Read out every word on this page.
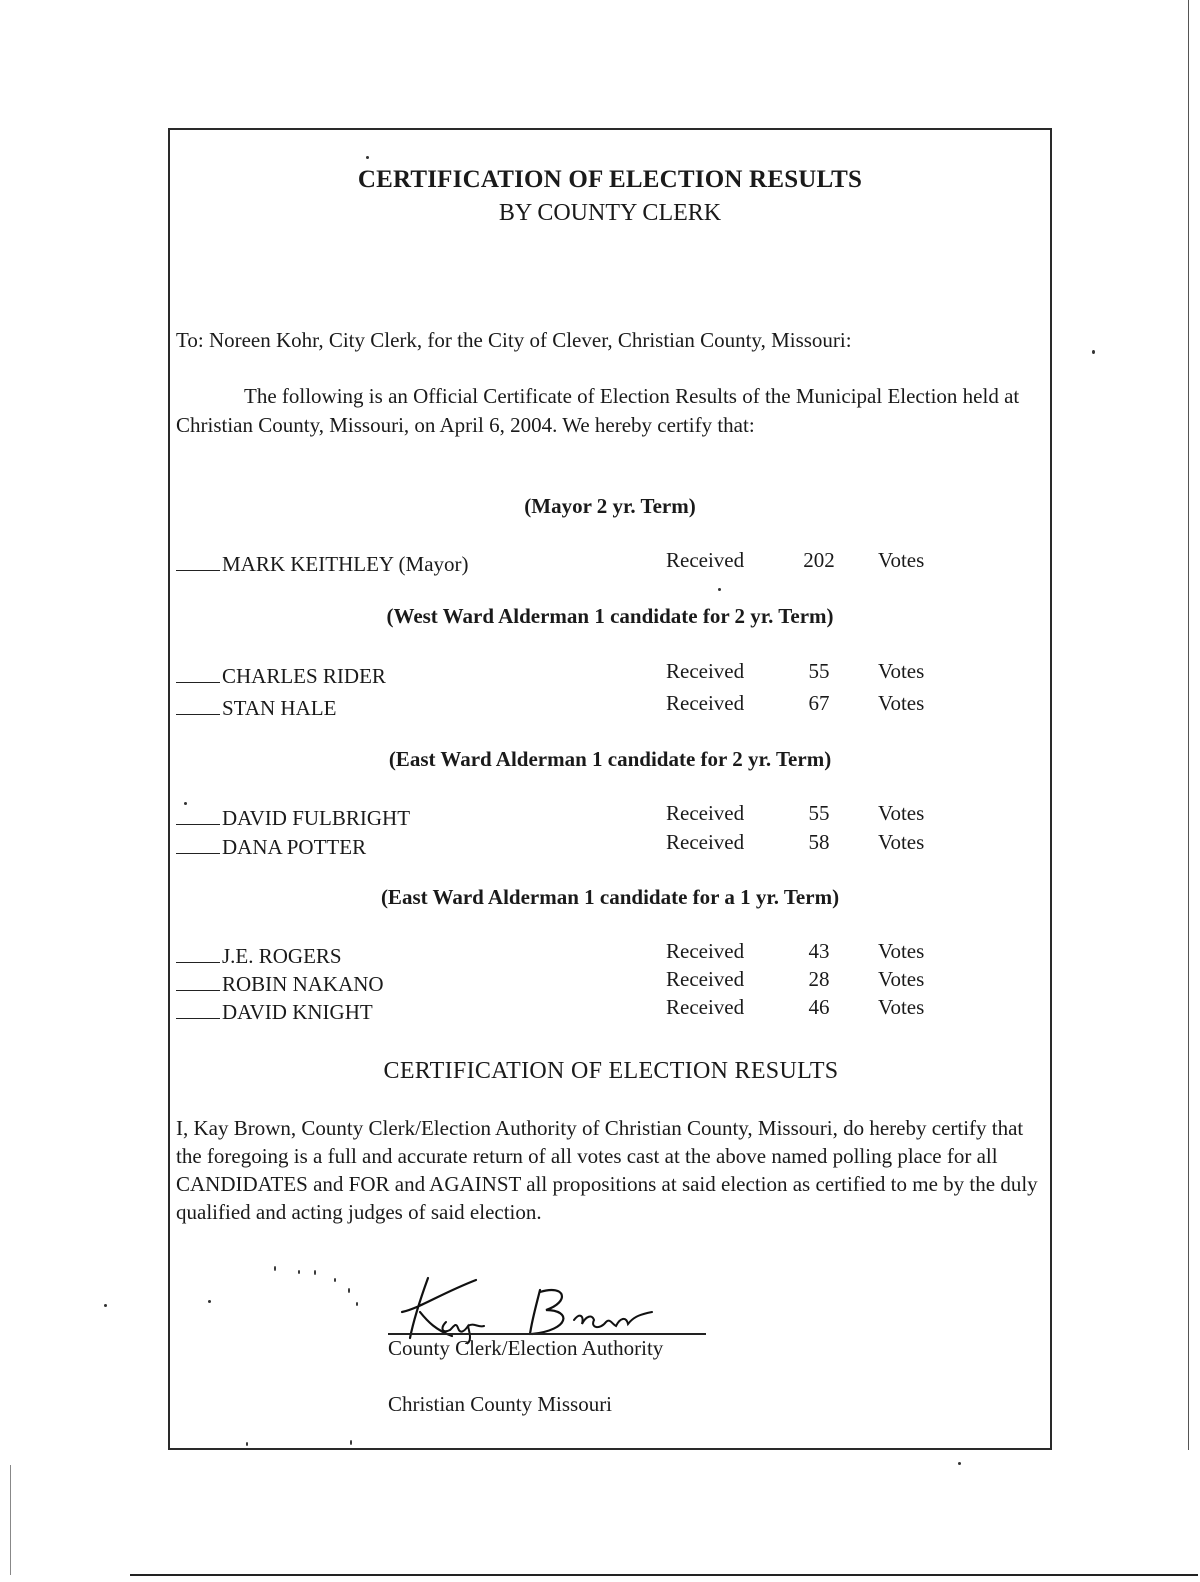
CERTIFICATION OF ELECTION RESULTS
BY COUNTY CLERK
To: Noreen Kohr, City Clerk, for the City of Clever, Christian County, Missouri:
The following is an Official Certificate of Election Results of the Municipal Election held at Christian County, Missouri, on April 6, 2004. We hereby certify that:
(Mayor 2 yr. Term)
MARK KEITHLEY (Mayor)	Received	202	Votes
(West Ward Alderman 1 candidate for 2 yr. Term)
CHARLES RIDER	Received	55	Votes
STAN HALE	Received	67	Votes
(East Ward Alderman 1 candidate for 2 yr. Term)
DAVID FULBRIGHT	Received	55	Votes
DANA POTTER	Received	58	Votes
(East Ward Alderman 1 candidate for a 1 yr. Term)
J.E. ROGERS	Received	43	Votes
ROBIN NAKANO	Received	28	Votes
DAVID KNIGHT	Received	46	Votes
CERTIFICATION OF ELECTION RESULTS
I, Kay Brown, County Clerk/Election Authority of Christian County, Missouri, do hereby certify that the foregoing is a full and accurate return of all votes cast at the above named polling place for all CANDIDATES and FOR and AGAINST all propositions at said election as certified to me by the duly qualified and acting judges of said election.
County Clerk/Election Authority
Christian County Missouri
